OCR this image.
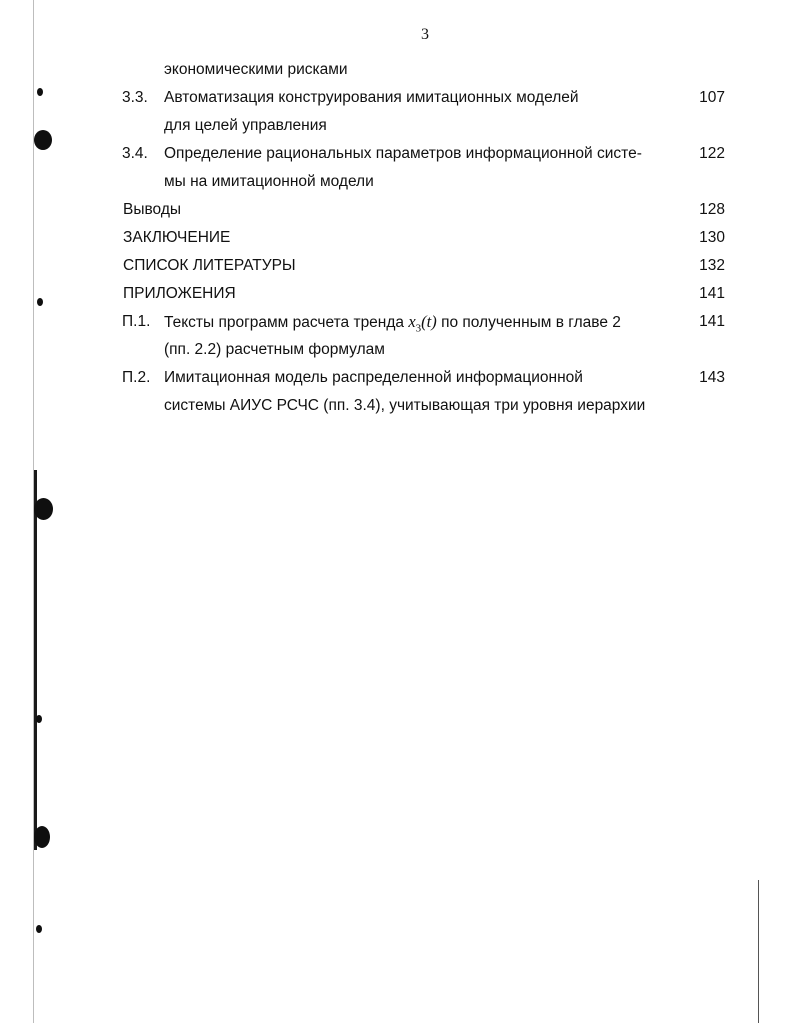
3
экономическими рисками
3.3. Автоматизация конструирования имитационных моделей	107
для целей управления
3.4. Определение рациональных параметров информационной систе-	122
мы на имитационной модели
Выводы	128
ЗАКЛЮЧЕНИЕ	130
СПИСОК ЛИТЕРАТУРЫ	132
ПРИЛОЖЕНИЯ	141
П.1. Тексты программ расчета тренда $x_3(t)$ по полученным в главе 2	141
(пп. 2.2) расчетным формулам
П.2. Имитационная модель распределенной информационной	143
системы АИУС РСЧС (пп. 3.4), учитывающая три уровня иерархии
